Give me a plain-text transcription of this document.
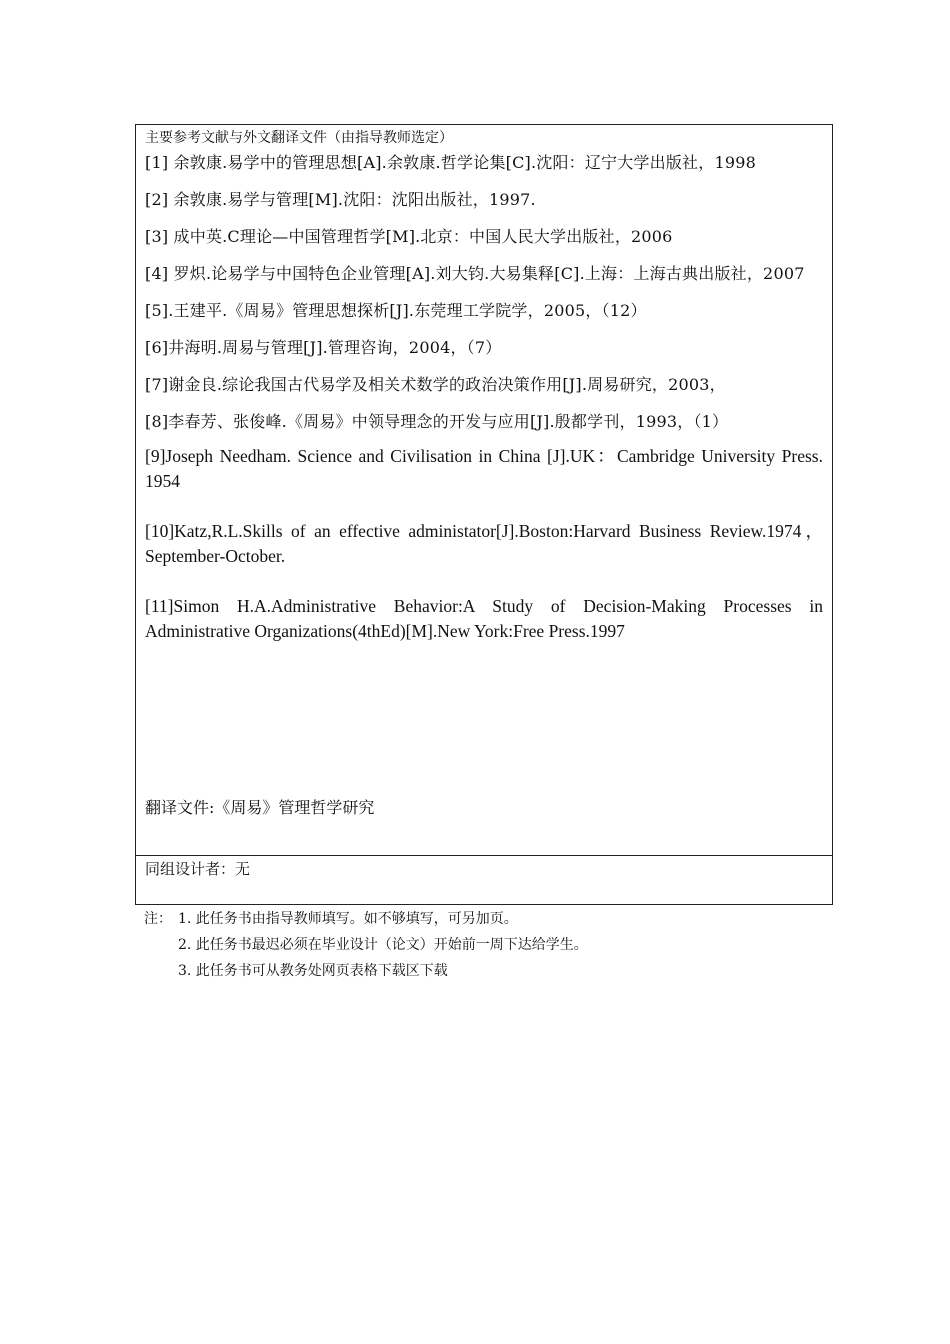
主要参考文献与外文翻译文件（由指导教师选定）

[1] 余敦康.易学中的管理思想[A].余敦康.哲学论集[C].沈阳：辽宁大学出版社，1998

[2] 余敦康.易学与管理[M].沈阳：沈阳出版社，1997.

[3] 成中英.C理论—中国管理哲学[M].北京：中国人民大学出版社，2006

[4] 罗炽.论易学与中国特色企业管理[A].刘大钧.大易集释[C].上海：上海古典出版社，2007

[5].王建平.《周易》管理思想探析[J].东莞理工学院学，2005，（12）

[6]井海明.周易与管理[J].管理咨询，2004，（7）

[7]谢金良.综论我国古代易学及相关术数学的政治决策作用[J].周易研究，2003，

[8]李春芳、张俊峰.《周易》中领导理念的开发与应用[J].殷都学刊，1993，（1）

[9]Joseph Needham. Science and Civilisation in China [J].UK：Cambridge University Press. 1954

[10]Katz,R.L.Skills of an effective administator[J].Boston:Harvard Business Review.1974，September-October.

[11]Simon H.A.Administrative Behavior:A Study of Decision-Making Processes in Administrative Organizations(4thEd)[M].New York:Free Press.1997

翻译文件:《周易》管理哲学研究

同组设计者：无

注： 1. 此任务书由指导教师填写。如不够填写，可另加页。

2. 此任务书最迟必须在毕业设计（论文）开始前一周下达给学生。

3. 此任务书可从教务处网页表格下载区下载
